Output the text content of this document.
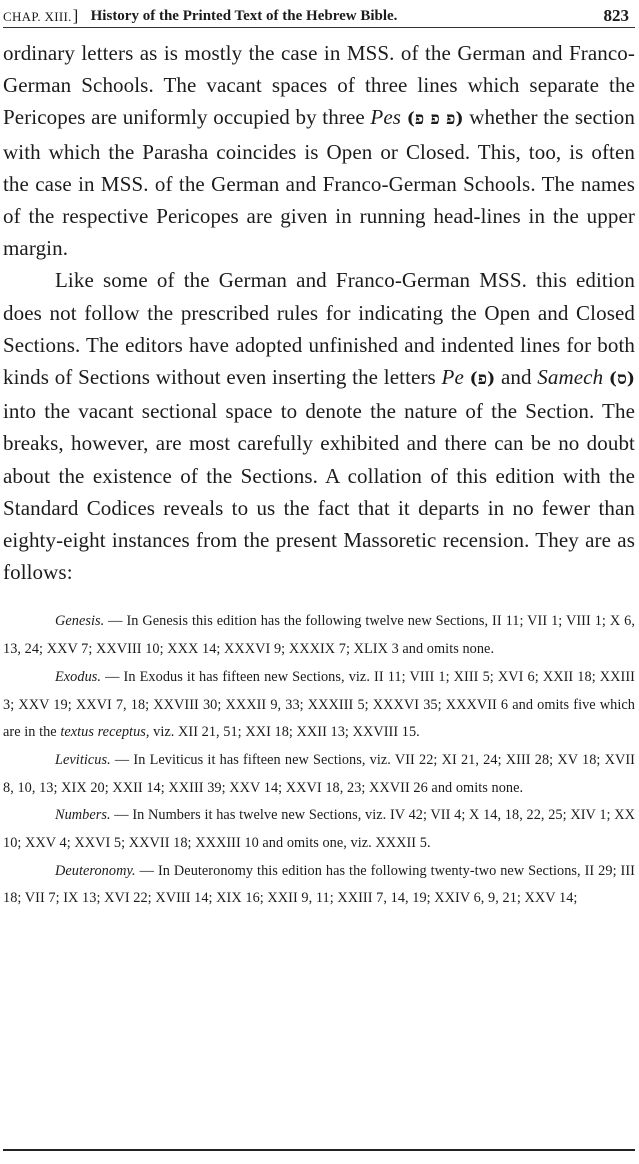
CHAP. XIII.] History of the Printed Text of the Hebrew Bible.	823

ordinary letters as is mostly the case in MSS. of the German and Franco-German Schools. The vacant spaces of three lines which separate the Pericopes are uniformly occupied by three Pes (פ פ פ) whether the section with which the Parasha coincides is Open or Closed. This, too, is often the case in MSS. of the German and Franco-German Schools. The names of the respective Pericopes are given in running head-lines in the upper margin.

Like some of the German and Franco-German MSS. this edition does not follow the prescribed rules for indicating the Open and Closed Sections. The editors have adopted unfinished and indented lines for both kinds of Sections without even inserting the letters Pe (פ) and Samech (ס) into the vacant sectional space to denote the nature of the Section. The breaks, however, are most carefully exhibited and there can be no doubt about the existence of the Sections. A collation of this edition with the Standard Codices reveals to us the fact that it departs in no fewer than eighty-eight instances from the present Massoretic recension. They are as follows:

Genesis. — In Genesis this edition has the following twelve new Sections, II 11; VII 1; VIII 1; X 6, 13, 24; XXV 7; XXVIII 10; XXX 14; XXXVI 9; XXXIX 7; XLIX 3 and omits none.

Exodus. — In Exodus it has fifteen new Sections, viz. II 11; VIII 1; XIII 5; XVI 6; XXII 18; XXIII 3; XXV 19; XXVI 7, 18; XXVIII 30; XXXII 9, 33; XXXIII 5; XXXVI 35; XXXVII 6 and omits five which are in the textus receptus, viz. XII 21, 51; XXI 18; XXII 13; XXVIII 15.

Leviticus. — In Leviticus it has fifteen new Sections, viz. VII 22; XI 21, 24; XIII 28; XV 18; XVII 8, 10, 13; XIX 20; XXII 14; XXIII 39; XXV 14; XXVI 18, 23; XXVII 26 and omits none.

Numbers. — In Numbers it has twelve new Sections, viz. IV 42; VII 4; X 14, 18, 22, 25; XIV 1; XX 10; XXV 4; XXVI 5; XXVII 18; XXXIII 10 and omits one, viz. XXXII 5.

Deuteronomy. — In Deuteronomy this edition has the following twenty-two new Sections, II 29; III 18; VII 7; IX 13; XVI 22; XVIII 14; XIX 16; XXII 9, 11; XXIII 7, 14, 19; XXIV 6, 9, 21; XXV 14;
